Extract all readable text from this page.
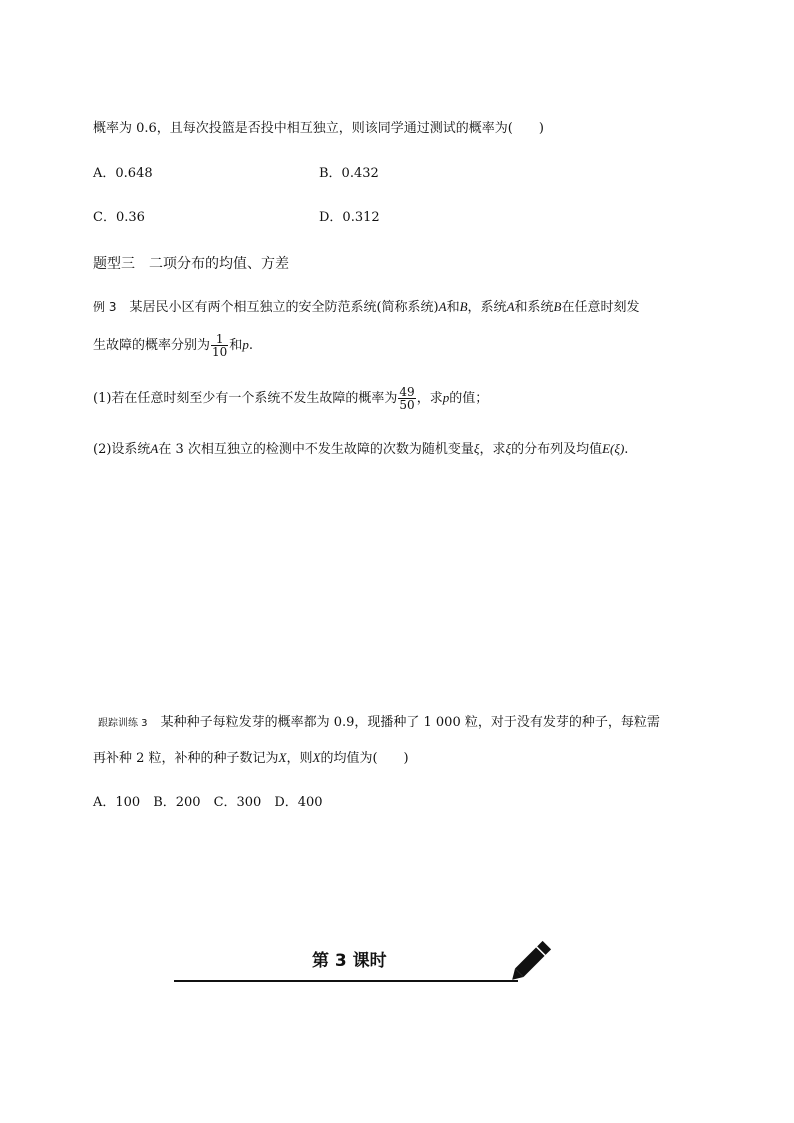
概率为 0.6，且每次投篮是否投中相互独立，则该同学通过测试的概率为(　　)
A．0.648	B．0.432
C．0.36	D．0.312
题型三　二项分布的均值、方差
例 3　 某居民小区有两个相互独立的安全防范系统(简称系统)A和B，系统A和系统B在任意时刻发
生故障的概率分别为 $\frac{1}{10}$ 和p.
(1)若在任意时刻至少有一个系统不发生故障的概率为 $\frac{49}{50}$ ，求p的值；
(2)设系统A在 3 次相互独立的检测中不发生故障的次数为随机变量ξ，求ξ的分布列及均值E(ξ).
跟踪训练 3　 某种种子每粒发芽的概率都为 0.9，现播种了 1 000 粒，对于没有发芽的种子，每粒需
再补种 2 粒，补种的种子数记为X，则X的均值为(　　)
A．100　B．200　C．300　D．400
第 3 课时
